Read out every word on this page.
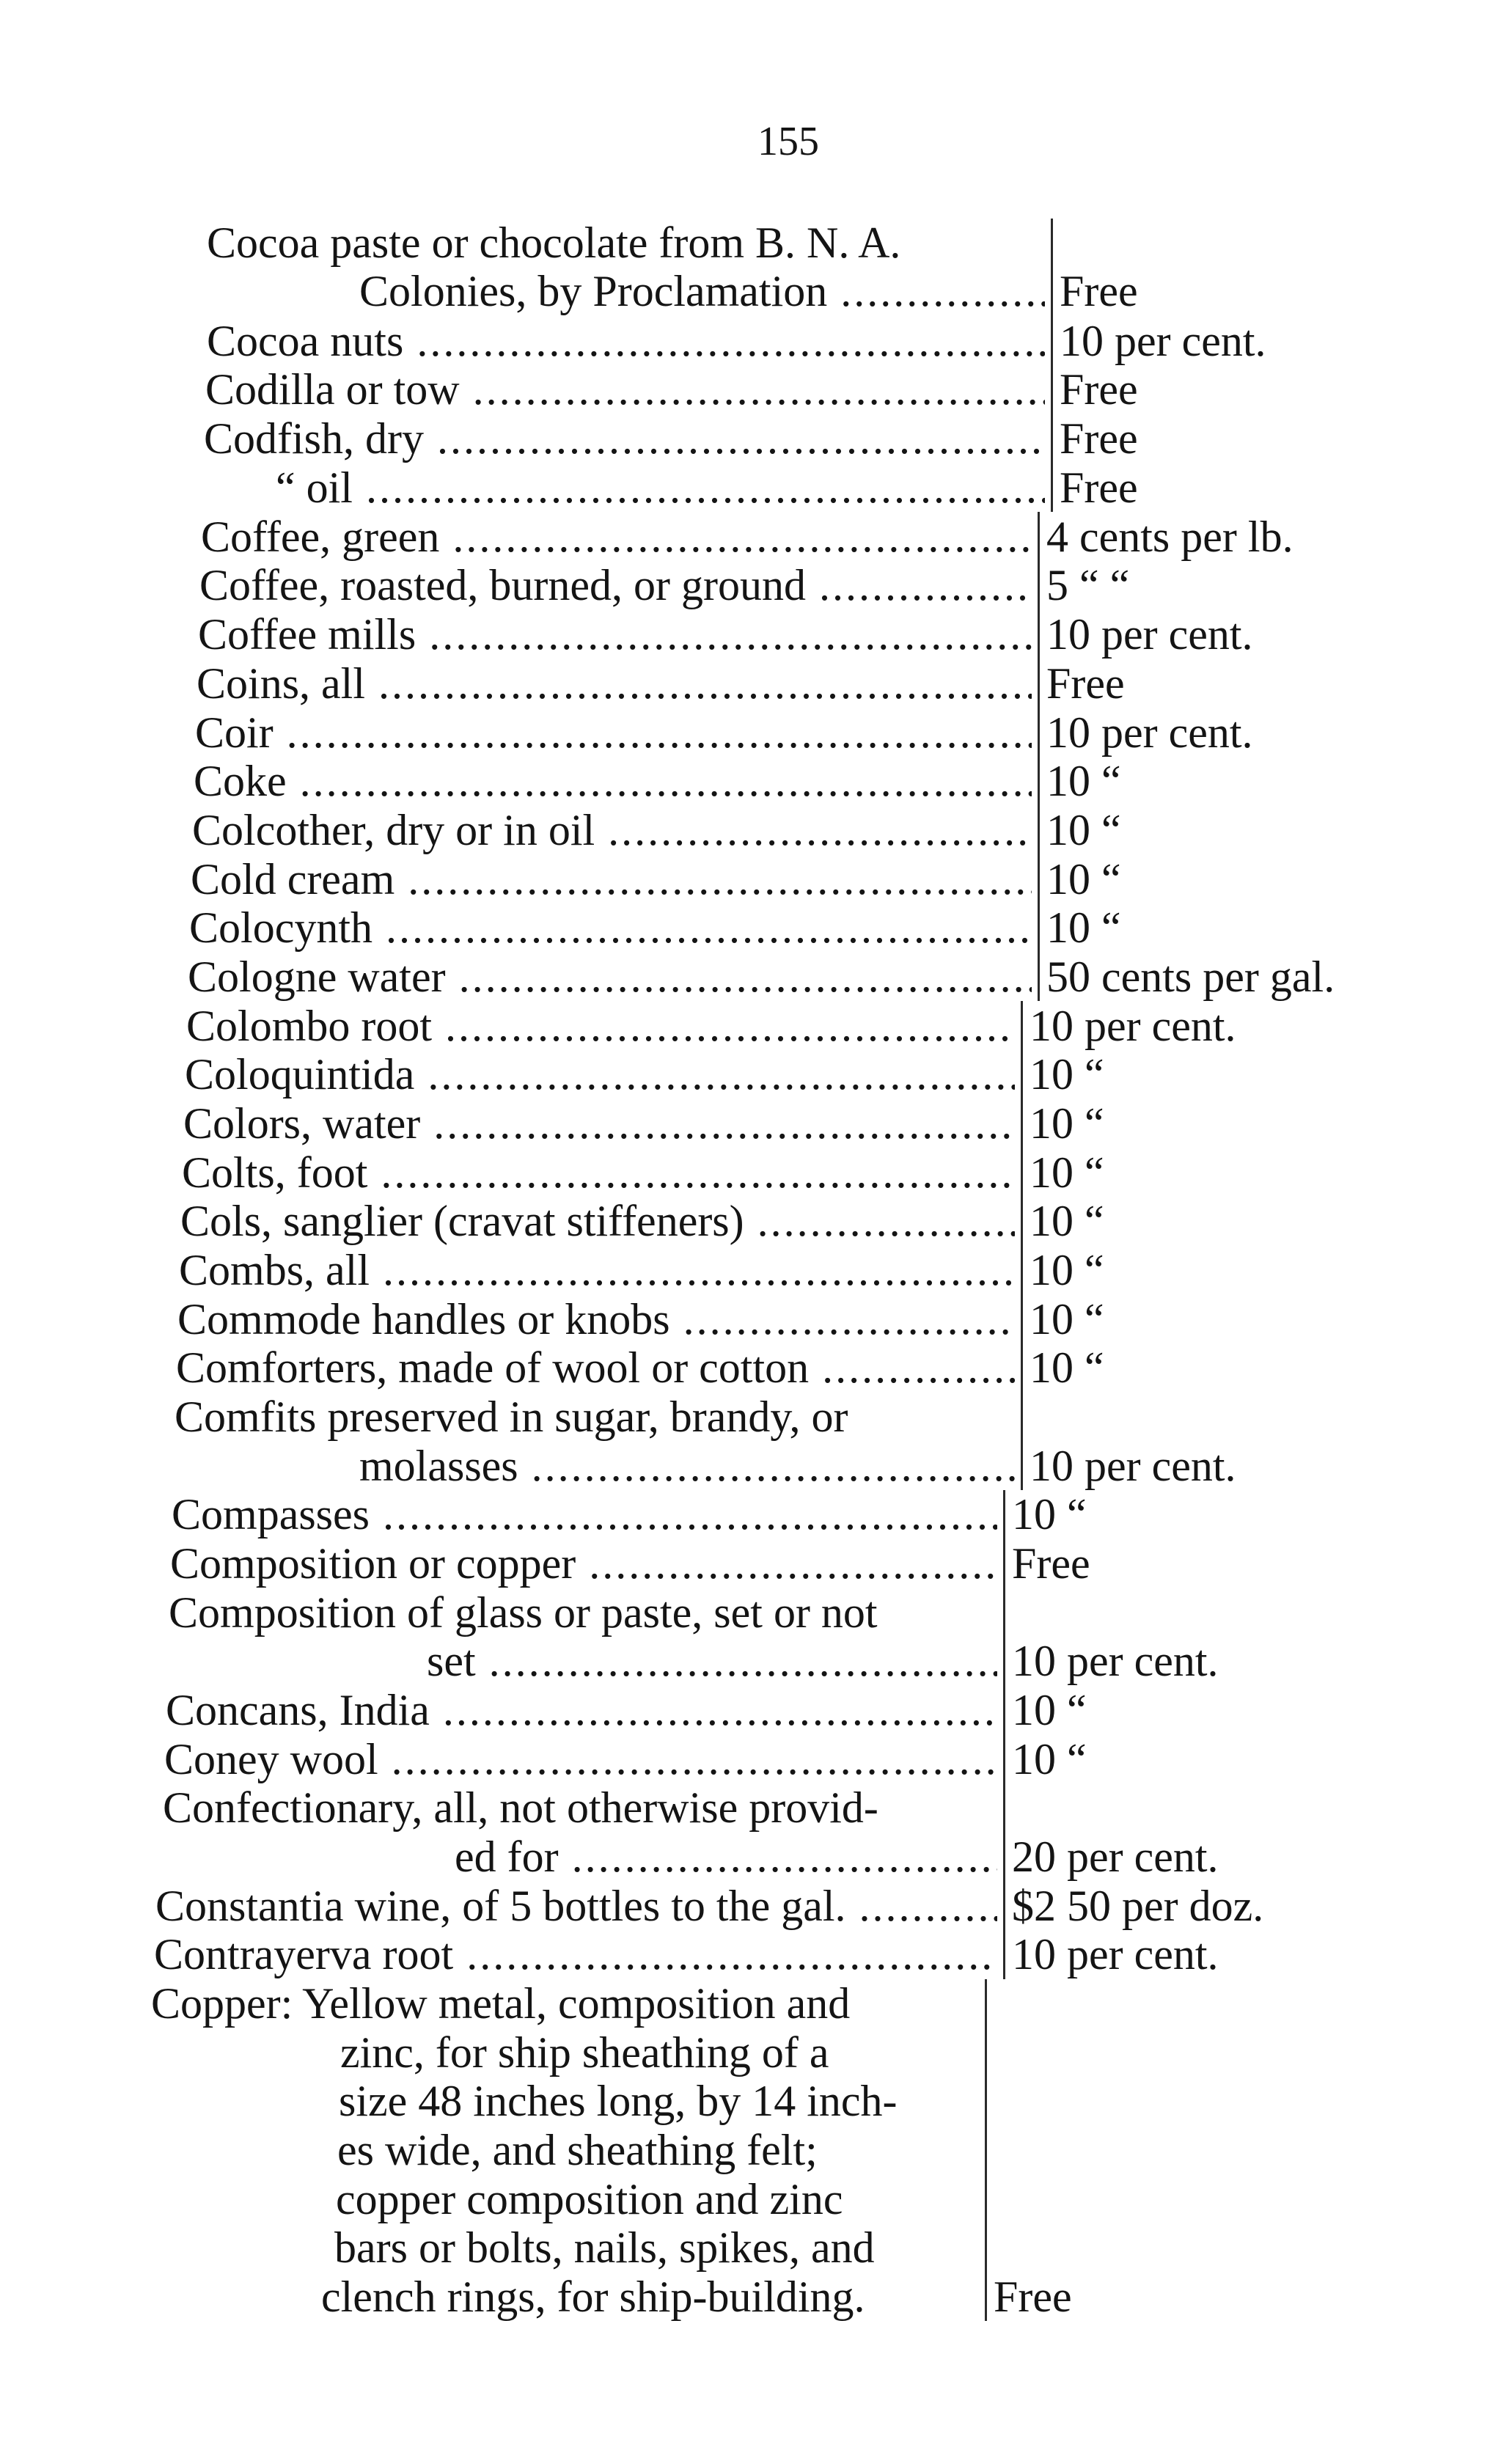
155
Cocoa paste or chocolate from B. N. A.
Colonies, by Proclamation .....	Free
Cocoa nuts .....	10 per cent.
Codilla or tow .....	Free
Codfish, dry .....	Free
“ oil .....	Free
Coffee, green .....	4 cents per lb.
Coffee, roasted, burned, or ground .....	5 “ “
Coffee mills .....	10 per cent.
Coins, all .....	Free
Coir .....	10 per cent.
Coke .....	10 “
Colcother, dry or in oil .....	10 “
Cold cream .....	10 “
Colocynth .....	10 “
Cologne water .....	50 cents per gal.
Colombo root .....	10 per cent.
Coloquintida .....	10 “
Colors, water .....	10 “
Colts, foot .....	10 “
Cols, sanglier (cravat stiffeners) .....	10 “
Combs, all .....	10 “
Commode handles or knobs .....	10 “
Comforters, made of wool or cotton .....	10 “
Comfits preserved in sugar, brandy, or
molasses .....	10 per cent.
Compasses .....	10 “
Composition or copper .....	Free
Composition of glass or paste, set or not
set .....	10 per cent.
Concans, India .....	10 “
Coney wool .....	10 “
Confectionary, all, not otherwise provid-
ed for .....	20 per cent.
Constantia wine, of 5 bottles to the gal. .....	$2 50 per doz.
Contrayerva root .....	10 per cent.
Copper: Yellow metal, composition and
zinc, for ship sheathing of a
size 48 inches long, by 14 inch-
es wide, and sheathing felt;
copper composition and zinc
bars or bolts, nails, spikes, and
clench rings, for ship-building.	Free
